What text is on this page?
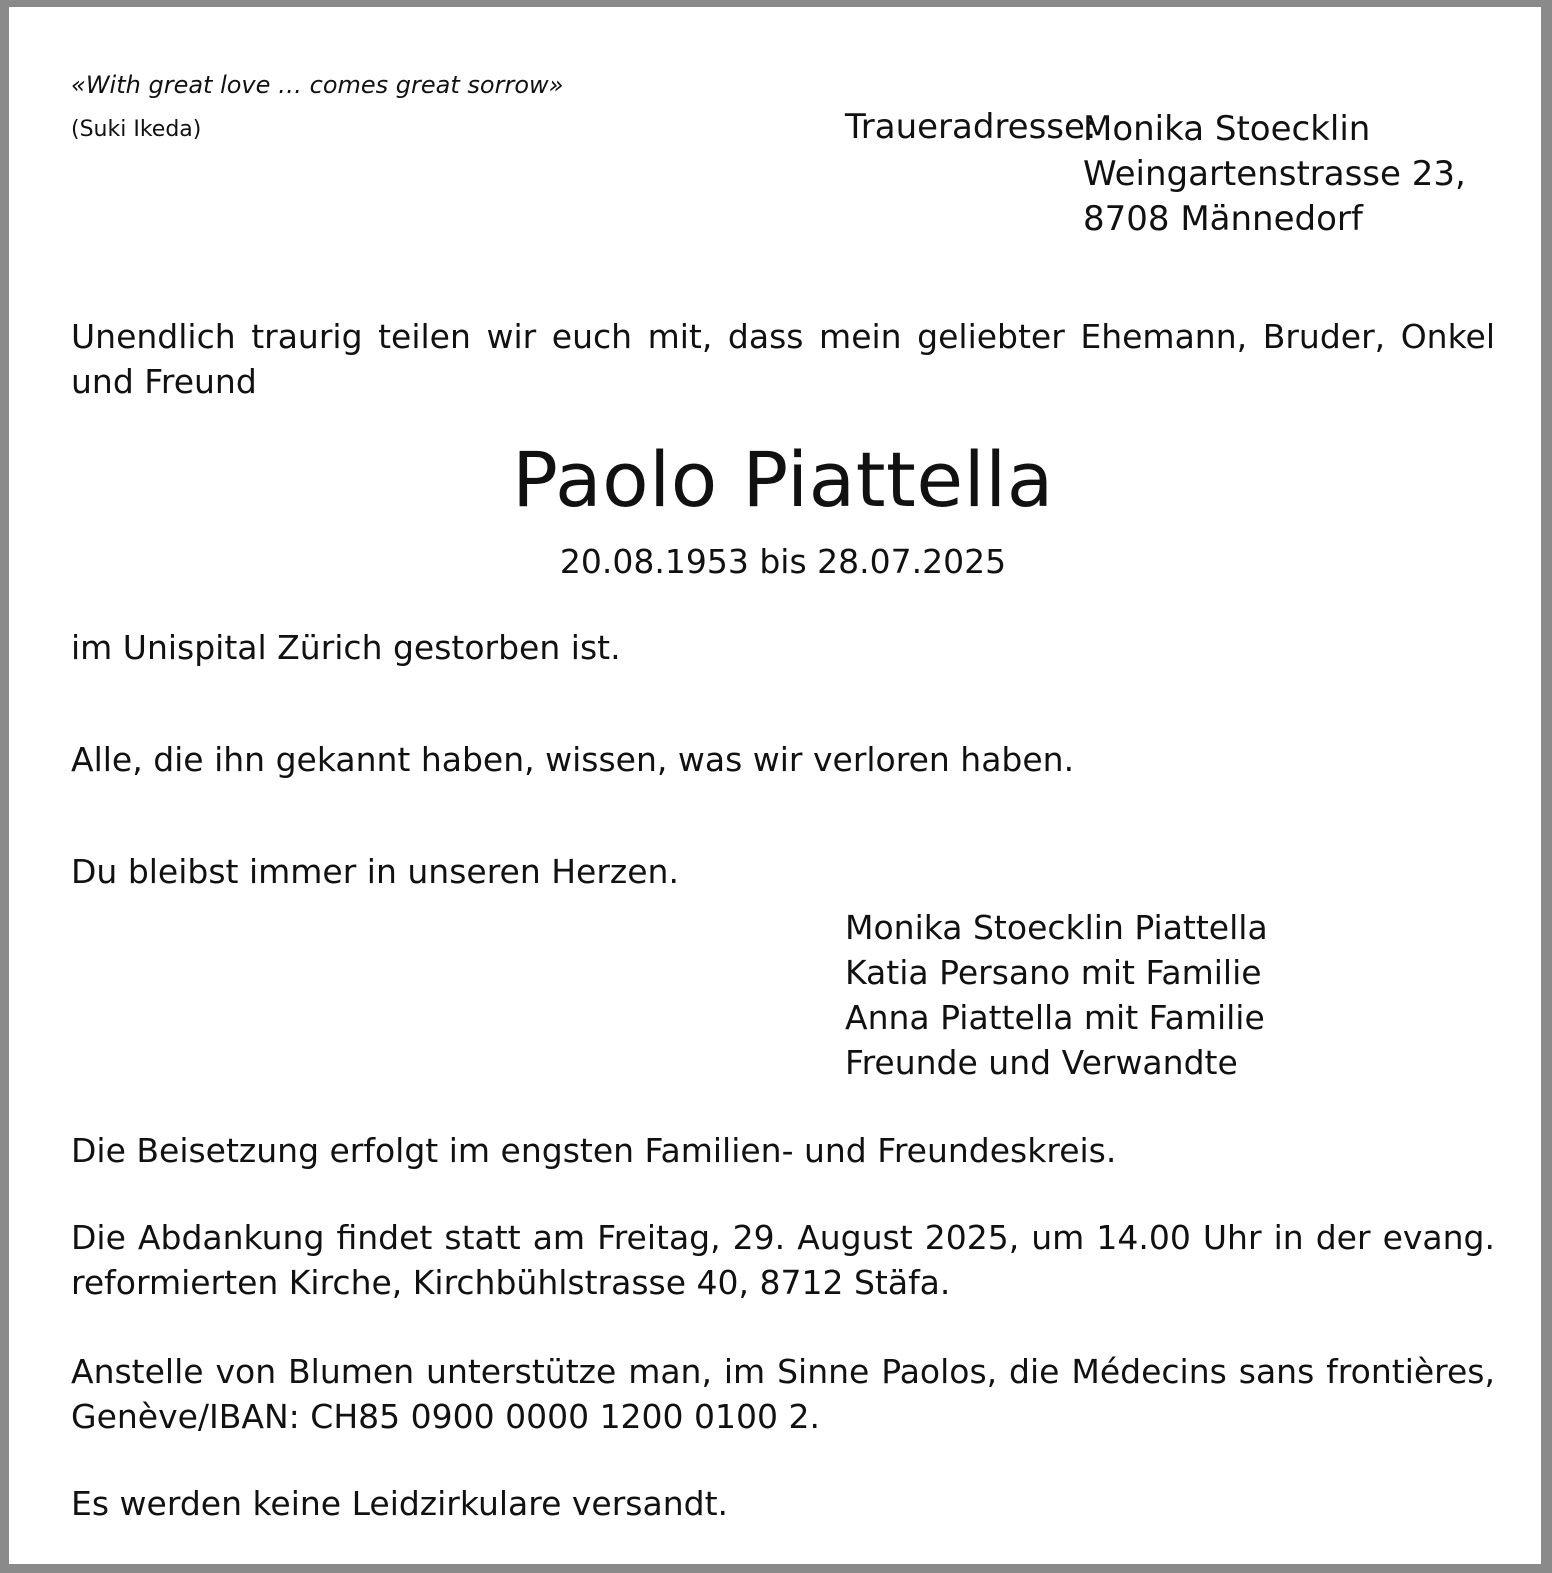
«With great love … comes great sorrow»
(Suki Ikeda)	Traueradresse:
Monika Stoecklin
Weingartenstrasse 23,
8708 Männedorf
Unendlich traurig teilen wir euch mit, dass mein geliebter Ehemann, Bruder, Onkel und Freund
Paolo Piattella
20.08.1953 bis 28.07.2025
im Unispital Zürich gestorben ist.
Alle, die ihn gekannt haben, wissen, was wir verloren haben.
Du bleibst immer in unseren Herzen.
Monika Stoecklin Piattella
Katia Persano mit Familie
Anna Piattella mit Familie
Freunde und Verwandte
Die Beisetzung erfolgt im engsten Familien- und Freundeskreis.
Die Abdankung findet statt am Freitag, 29. August 2025, um 14.00 Uhr in der evang. reformierten Kirche, Kirchbühlstrasse 40, 8712 Stäfa.
Anstelle von Blumen unterstütze man, im Sinne Paolos, die Médecins sans frontières, Genève/IBAN: CH85 0900 0000 1200 0100 2.
Es werden keine Leidzirkulare versandt.
